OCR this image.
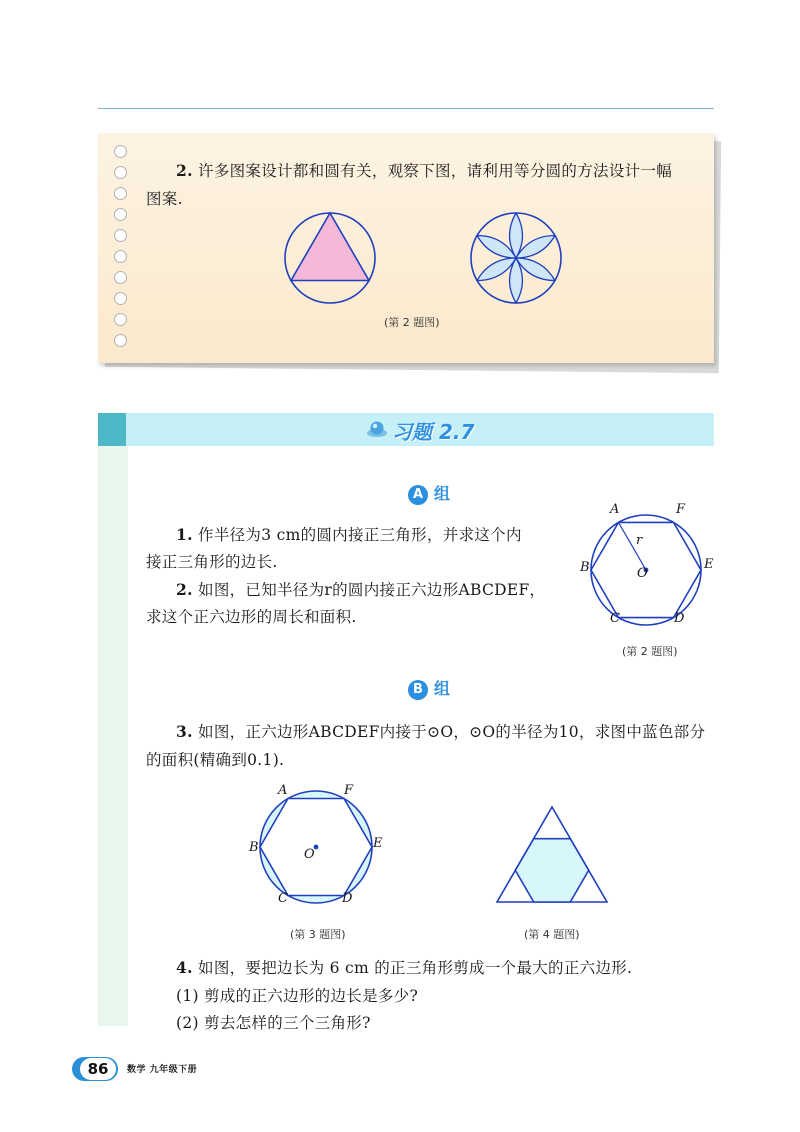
2. 许多图案设计都和圆有关，观察下图，请利用等分圆的方法设计一幅
图案.
(第 2 题图)
习题 2.7
A 组
1. 作半径为3 cm的圆内接正三角形，并求这个内
接正三角形的边长.
2. 如图，已知半径为r的圆内接正六边形ABCDEF，
求这个正六边形的周长和面积.
A	F
B	E
C	D
O
r
(第 2 题图)
B 组
3. 如图，正六边形ABCDEF内接于⊙O，⊙O的半径为10，求图中蓝色部分
的面积(精确到0.1).
A	F
B	E
C	D
O
(第 3 题图)	(第 4 题图)
4. 如图，要把边长为 6 cm 的正三角形剪成一个最大的正六边形.
(1) 剪成的正六边形的边长是多少?
(2) 剪去怎样的三个三角形?
86	数学 九年级下册
